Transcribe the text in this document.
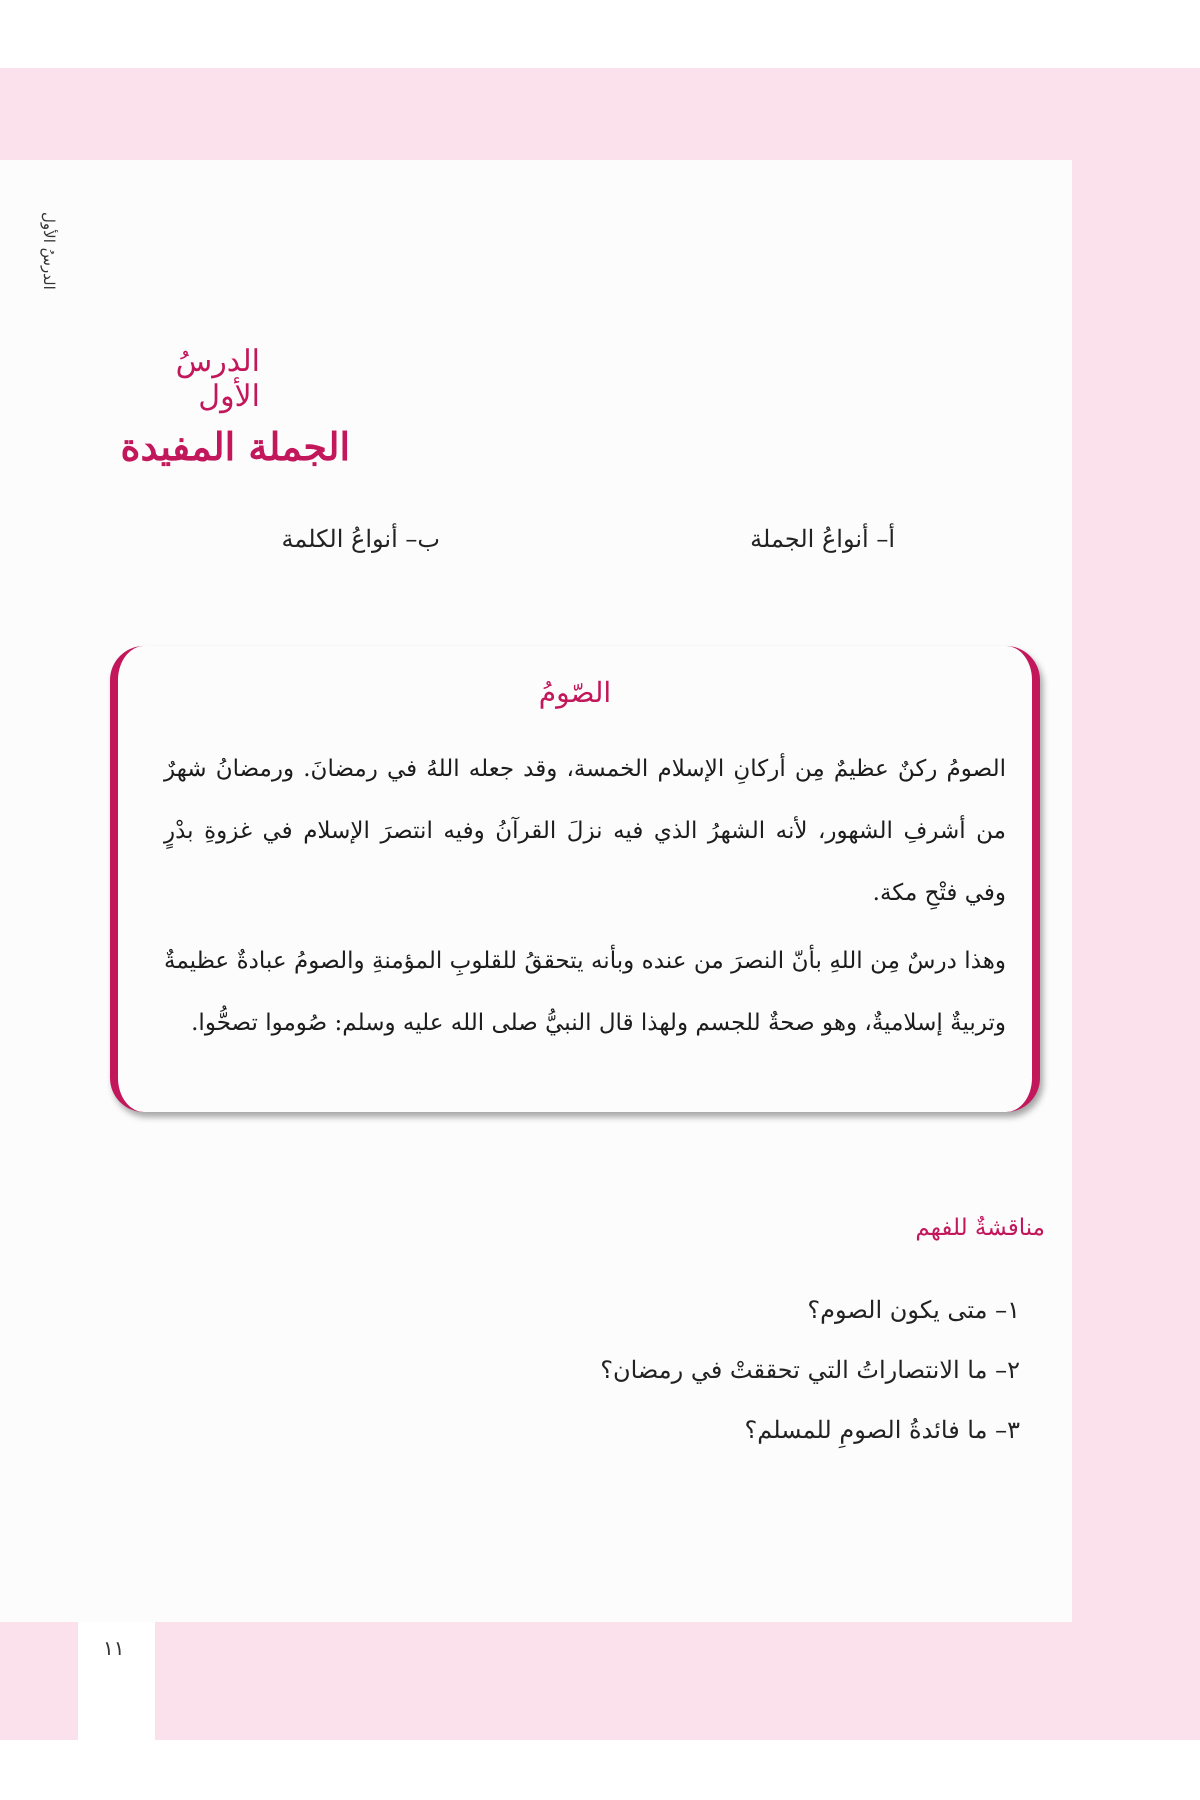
الدرسُ الأول
الدرسُ الأول
الجملة المفيدة
أ– أنواعُ الجملة
ب– أنواعُ الكلمة
الصّومُ

الصومُ ركنٌ عظيمٌ مِن أركانِ الإسلام الخمسة، وقد جعله اللهُ في رمضانَ. ورمضانُ شهرٌ من أشرفِ الشهور، لأنه الشهرُ الذي فيه نزلَ القرآنُ وفيه انتصرَ الإسلام في غزوةِ بدْرٍ وفي فتْحِ مكة.

وهذا درسٌ مِن اللهِ بأنّ النصرَ من عنده وبأنه يتحققُ للقلوبِ المؤمنةِ والصومُ عبادةٌ عظيمةٌ وتربيةٌ إسلاميةٌ، وهو صحةٌ للجسم ولهذا قال النبيُّ صلى الله عليه وسلم: صُوموا تصحُّوا.

مناقشةٌ للفهم
١– متى يكون الصوم؟
٢– ما الانتصاراتُ التي تحققتْ في رمضان؟
٣– ما فائدةُ الصومِ للمسلم؟
١١
